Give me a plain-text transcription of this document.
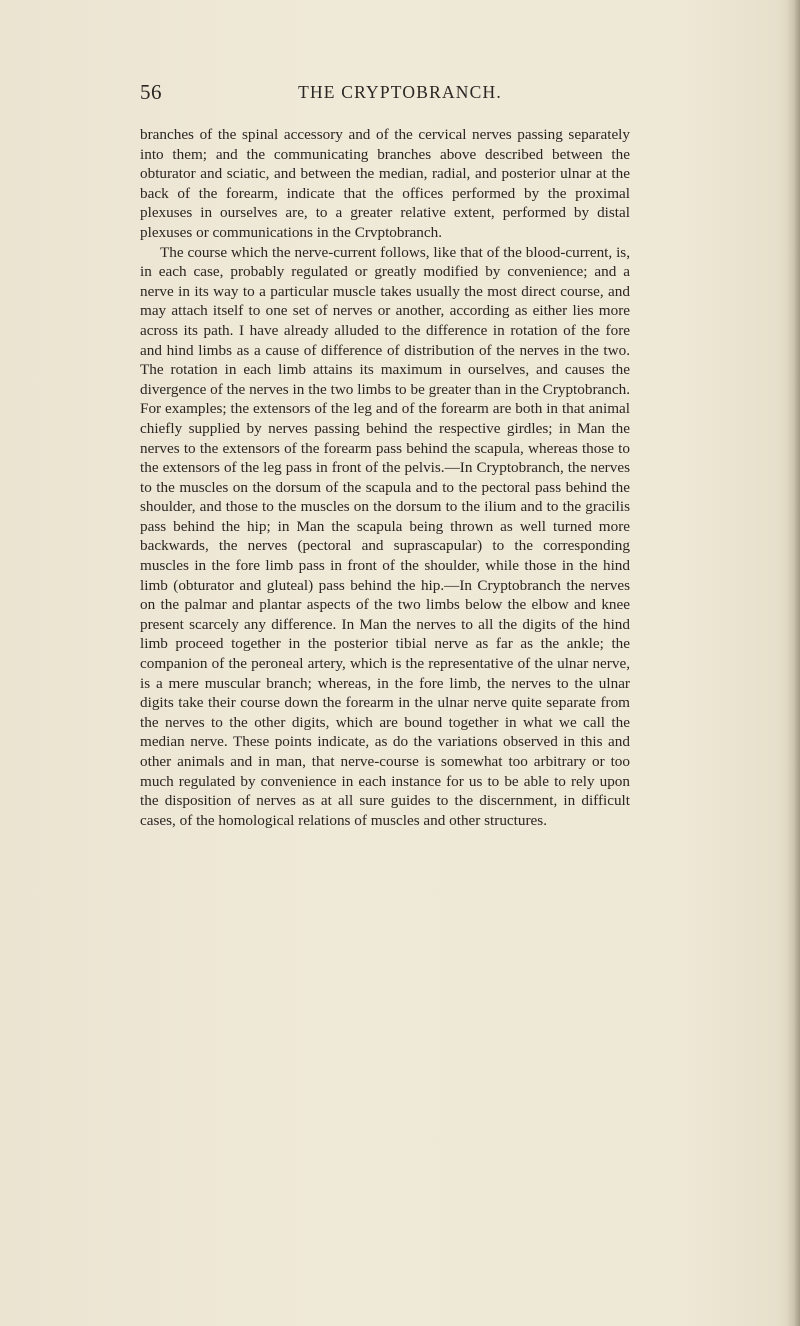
56	THE CRYPTOBRANCH.

branches of the spinal accessory and of the cervical nerves passing separately into them; and the communicating branches above described between the obturator and sciatic, and between the median, radial, and posterior ulnar at the back of the forearm, indicate that the offices performed by the proximal plexuses in ourselves are, to a greater relative extent, performed by distal plexuses or communications in the Crvptobranch.

The course which the nerve-current follows, like that of the blood-current, is, in each case, probably regulated or greatly modified by convenience; and a nerve in its way to a particular muscle takes usually the most direct course, and may attach itself to one set of nerves or another, according as either lies more across its path. I have already alluded to the difference in rotation of the fore and hind limbs as a cause of difference of distribution of the nerves in the two. The rotation in each limb attains its maximum in ourselves, and causes the divergence of the nerves in the two limbs to be greater than in the Cryptobranch. For examples; the extensors of the leg and of the forearm are both in that animal chiefly supplied by nerves passing behind the respective girdles; in Man the nerves to the extensors of the forearm pass behind the scapula, whereas those to the extensors of the leg pass in front of the pelvis.—In Cryptobranch, the nerves to the muscles on the dorsum of the scapula and to the pectoral pass behind the shoulder, and those to the muscles on the dorsum to the ilium and to the gracilis pass behind the hip; in Man the scapula being thrown as well turned more backwards, the nerves (pectoral and suprascapular) to the corresponding muscles in the fore limb pass in front of the shoulder, while those in the hind limb (obturator and gluteal) pass behind the hip.—In Cryptobranch the nerves on the palmar and plantar aspects of the two limbs below the elbow and knee present scarcely any difference. In Man the nerves to all the digits of the hind limb proceed together in the posterior tibial nerve as far as the ankle; the companion of the peroneal artery, which is the representative of the ulnar nerve, is a mere muscular branch; whereas, in the fore limb, the nerves to the ulnar digits take their course down the forearm in the ulnar nerve quite separate from the nerves to the other digits, which are bound together in what we call the median nerve. These points indicate, as do the variations observed in this and other animals and in man, that nerve-course is somewhat too arbitrary or too much regulated by convenience in each instance for us to be able to rely upon the disposition of nerves as at all sure guides to the discernment, in difficult cases, of the homological relations of muscles and other structures.
